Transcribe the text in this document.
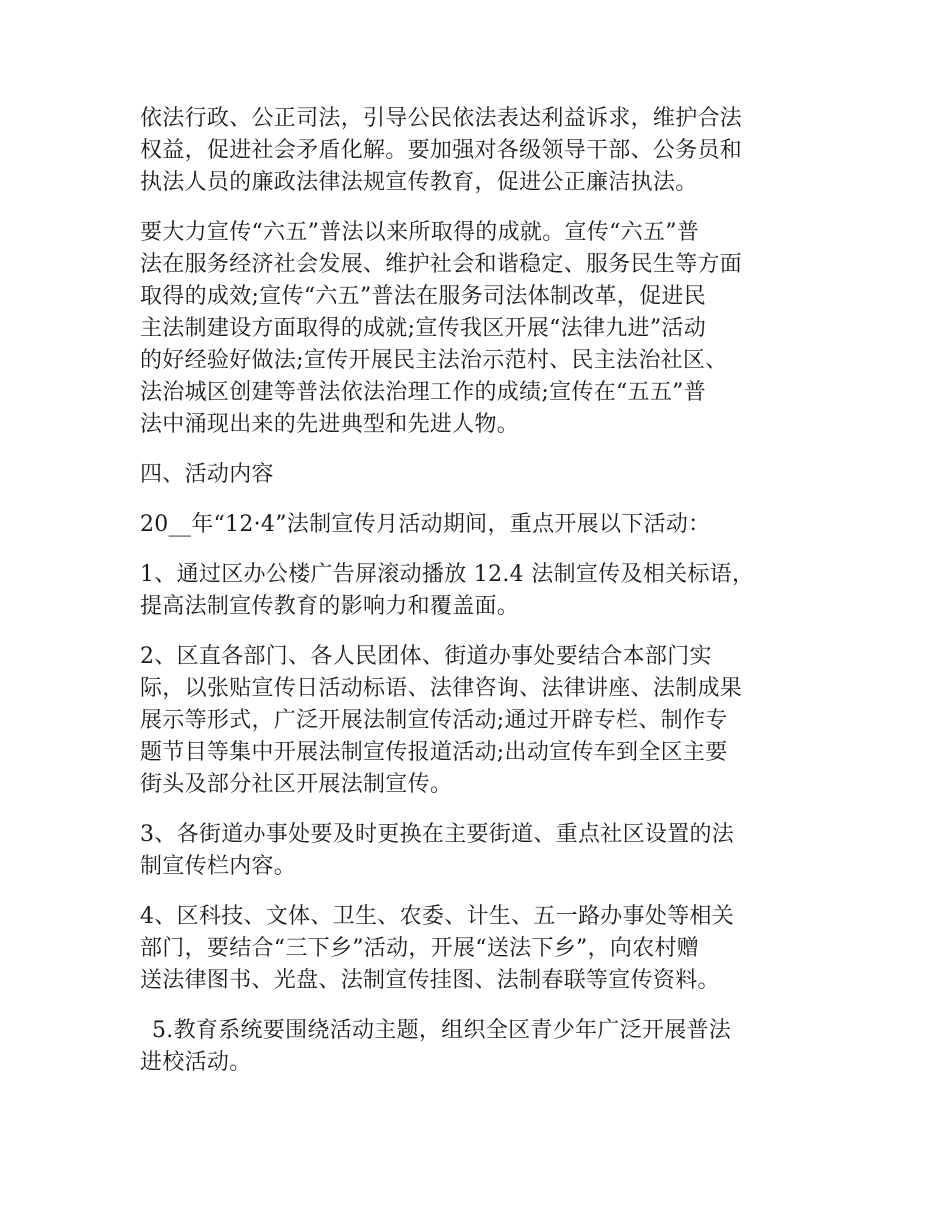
依法行政、公正司法，引导公民依法表达利益诉求，维护合法
权益，促进社会矛盾化解。要加强对各级领导干部、公务员和
执法人员的廉政法律法规宣传教育，促进公正廉洁执法。

要大力宣传“六五”普法以来所取得的成就。宣传“六五”普
法在服务经济社会发展、维护社会和谐稳定、服务民生等方面
取得的成效;宣传“六五”普法在服务司法体制改革，促进民
主法制建设方面取得的成就;宣传我区开展“法律九进”活动
的好经验好做法;宣传开展民主法治示范村、民主法治社区、
法治城区创建等普法依法治理工作的成绩;宣传在“五五”普
法中涌现出来的先进典型和先进人物。

四、活动内容

20__年“12·4”法制宣传月活动期间，重点开展以下活动：

1、通过区办公楼广告屏滚动播放 12.4 法制宣传及相关标语，
提高法制宣传教育的影响力和覆盖面。

2、区直各部门、各人民团体、街道办事处要结合本部门实
际，以张贴宣传日活动标语、法律咨询、法律讲座、法制成果
展示等形式，广泛开展法制宣传活动;通过开辟专栏、制作专
题节目等集中开展法制宣传报道活动;出动宣传车到全区主要
街头及部分社区开展法制宣传。

3、各街道办事处要及时更换在主要街道、重点社区设置的法
制宣传栏内容。

4、区科技、文体、卫生、农委、计生、五一路办事处等相关
部门，要结合“三下乡”活动，开展“送法下乡”，向农村赠
送法律图书、光盘、法制宣传挂图、法制春联等宣传资料。

5.教育系统要围绕活动主题，组织全区青少年广泛开展普法
进校活动。
